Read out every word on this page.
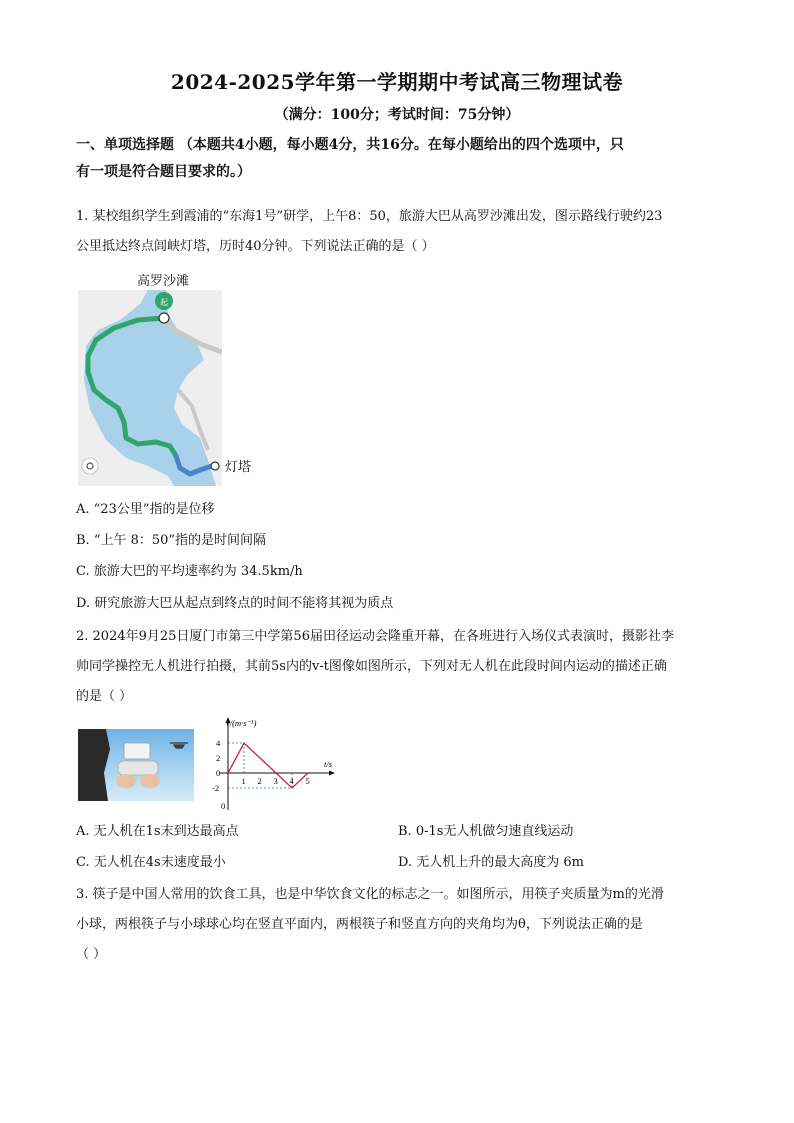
2024-2025学年第一学期期中考试高三物理试卷
（满分：100分；考试时间：75分钟）
一、单项选择题 （本题共4小题，每小题4分，共16分。在每小题给出的四个选项中，只
有一项是符合题目要求的。）
1. 某校组织学生到霞浦的“东海1号”研学，上午8：50，旅游大巴从高罗沙滩出发，图示路线行驶约23
公里抵达终点闾峡灯塔，历时40分钟。下列说法正确的是（ ）
高罗沙滩
起
灯塔
A. “23公里”指的是位移
B. “上午 8：50”指的是时间间隔
C. 旅游大巴的平均速率约为 34.5km/h
D. 研究旅游大巴从起点到终点的时间不能将其视为质点
2. 2024年9月25日厦门市第三中学第56届田径运动会隆重开幕，在各班进行入场仪式表演时，摄影社李
帅同学操控无人机进行拍摄，其前5s内的v-t图像如图所示，下列对无人机在此段时间内运动的描述正确
的是（ ）
0
1 2 3 4 5
4
2
-2
0
v/(m·s⁻¹)
t/s
A. 无人机在1s末到达最高点	B. 0-1s无人机做匀速直线运动
C. 无人机在4s末速度最小	D. 无人机上升的最大高度为 6m
3. 筷子是中国人常用的饮食工具，也是中华饮食文化的标志之一。如图所示，用筷子夹质量为m的光滑
小球，两根筷子与小球球心均在竖直平面内，两根筷子和竖直方向的夹角均为θ，下列说法正确的是
（ ）
